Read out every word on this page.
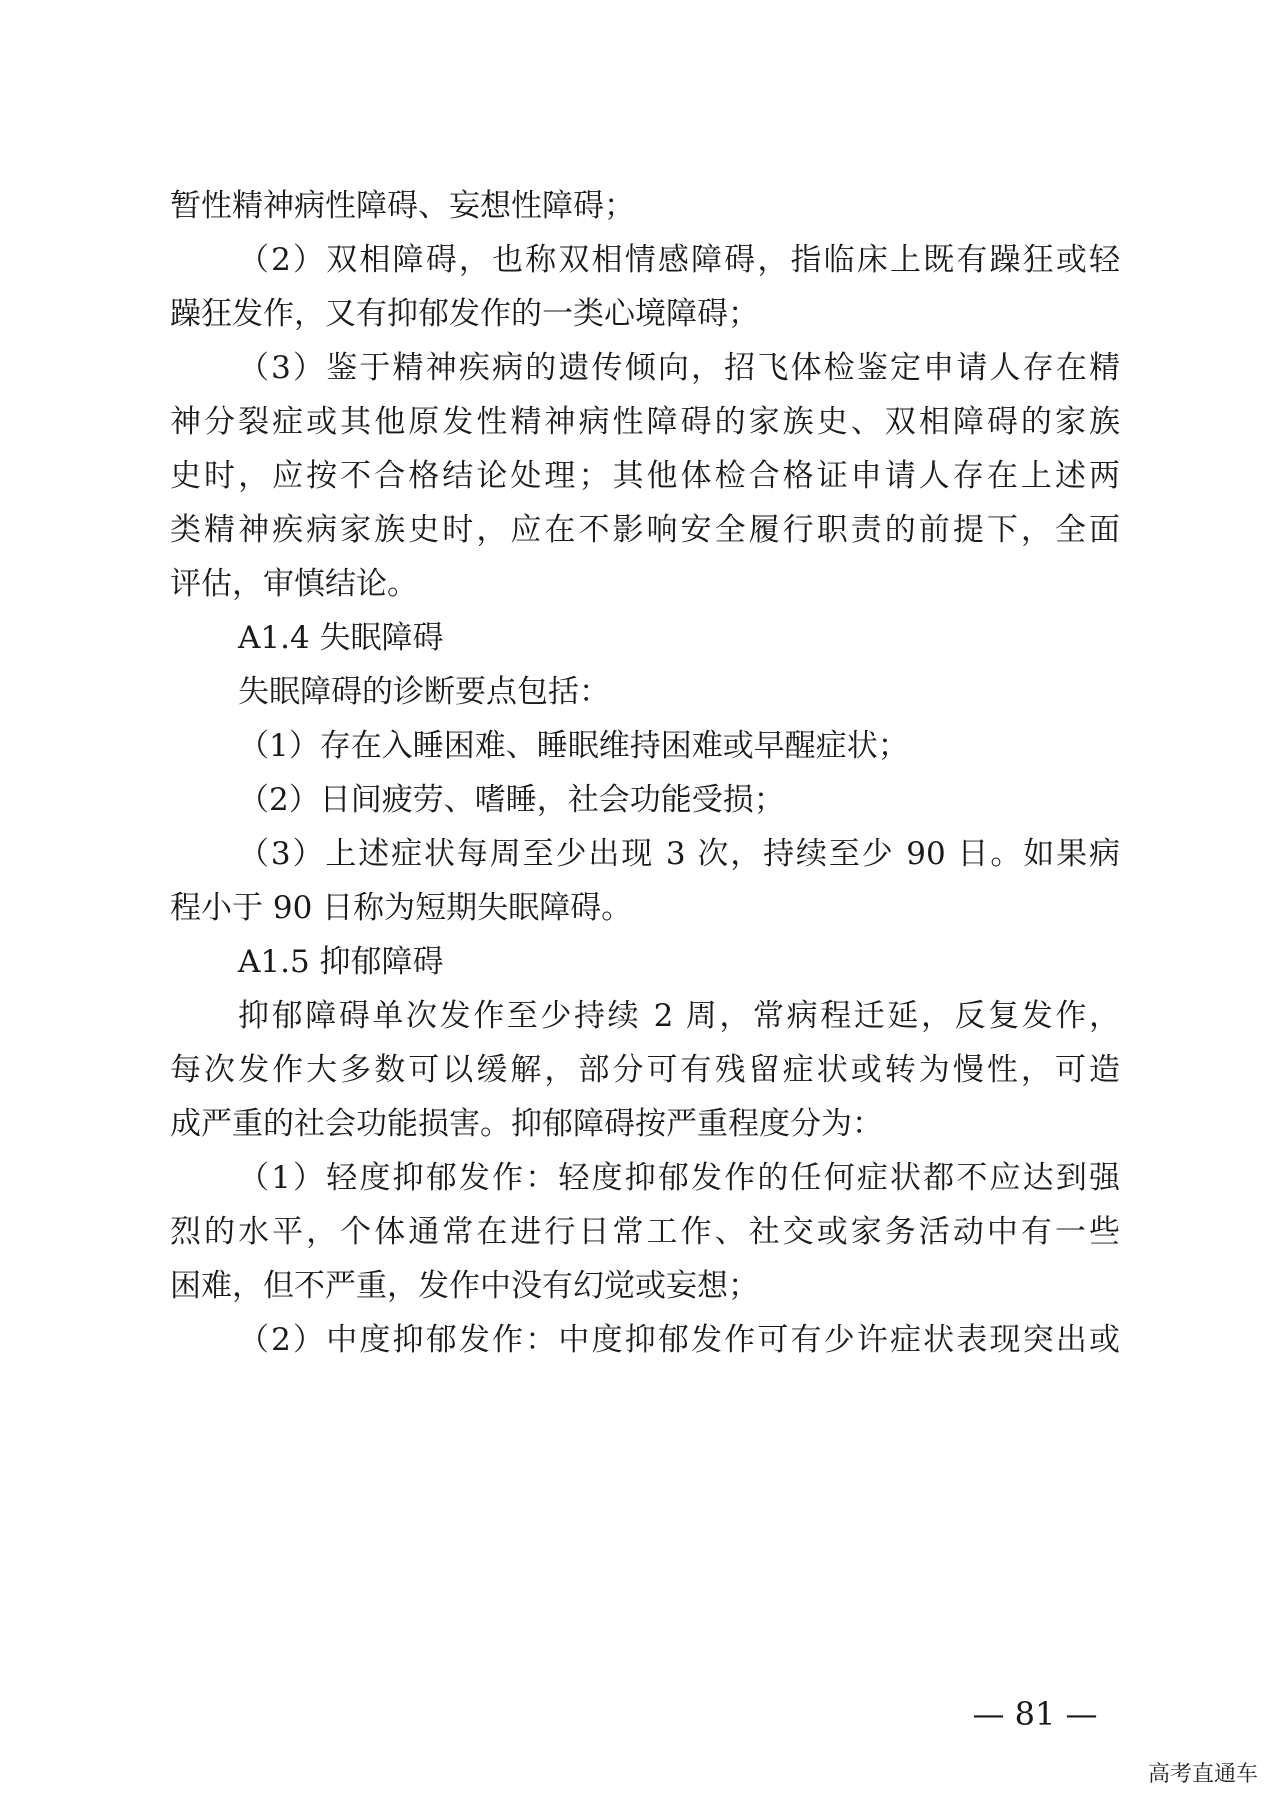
暂性精神病性障碍、妄想性障碍；

（2）双相障碍，也称双相情感障碍，指临床上既有躁狂或轻

躁狂发作，又有抑郁发作的一类心境障碍；

（3）鉴于精神疾病的遗传倾向，招飞体检鉴定申请人存在精

神分裂症或其他原发性精神病性障碍的家族史、双相障碍的家族

史时，应按不合格结论处理；其他体检合格证申请人存在上述两

类精神疾病家族史时，应在不影响安全履行职责的前提下，全面

评估，审慎结论。

A1.4 失眠障碍

失眠障碍的诊断要点包括：

（1）存在入睡困难、睡眠维持困难或早醒症状；

（2）日间疲劳、嗜睡，社会功能受损；

（3）上述症状每周至少出现 3 次，持续至少 90 日。如果病

程小于 90 日称为短期失眠障碍。

A1.5 抑郁障碍

抑郁障碍单次发作至少持续 2 周，常病程迁延，反复发作，

每次发作大多数可以缓解，部分可有残留症状或转为慢性，可造

成严重的社会功能损害。抑郁障碍按严重程度分为：

（1）轻度抑郁发作：轻度抑郁发作的任何症状都不应达到强

烈的水平，个体通常在进行日常工作、社交或家务活动中有一些

困难，但不严重，发作中没有幻觉或妄想；

（2）中度抑郁发作：中度抑郁发作可有少许症状表现突出或

— 81 —
高考直通车
